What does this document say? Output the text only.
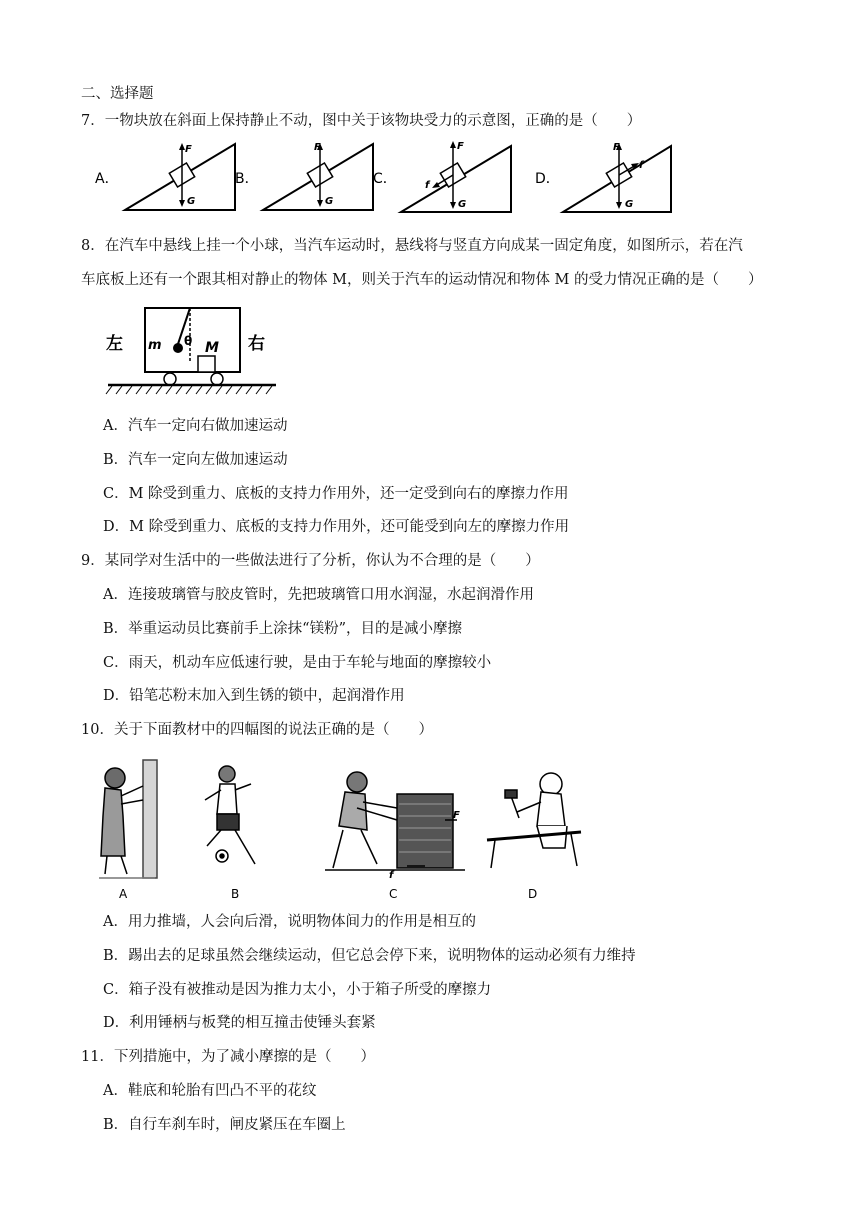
二、选择题
7．一物块放在斜面上保持静止不动，图中关于该物块受力的示意图，正确的是（　　）
A．
F
G
B．
F
G
C．
F
G
f	D．
F
G
f
8．在汽车中悬线上挂一个小球，当汽车运动时，悬线将与竖直方向成某一固定角度，如图所示，若在汽
车底板上还有一个跟其相对静止的物体 M，则关于汽车的运动情况和物体 M 的受力情况正确的是（　　）
左	右
m θ M
A．汽车一定向右做加速运动
B．汽车一定向左做加速运动
C．M 除受到重力、底板的支持力作用外，还一定受到向右的摩擦力作用
D．M 除受到重力、底板的支持力作用外，还可能受到向左的摩擦力作用
9．某同学对生活中的一些做法进行了分析，你认为不合理的是（　　）
A．连接玻璃管与胶皮管时，先把玻璃管口用水润湿，水起润滑作用
B．举重运动员比赛前手上涂抹“镁粉”，目的是减小摩擦
C．雨天，机动车应低速行驶，是由于车轮与地面的摩擦较小
D．铅笔芯粉末加入到生锈的锁中，起润滑作用
10．关于下面教材中的四幅图的说法正确的是（　　）
A	B
F
f
C	D
A．用力推墙，人会向后滑，说明物体间力的作用是相互的
B．踢出去的足球虽然会继续运动，但它总会停下来，说明物体的运动必须有力维持
C．箱子没有被推动是因为推力太小，小于箱子所受的摩擦力
D．利用锤柄与板凳的相互撞击使锤头套紧
11．下列措施中，为了减小摩擦的是（　　）
A．鞋底和轮胎有凹凸不平的花纹
B．自行车刹车时，闸皮紧压在车圈上
